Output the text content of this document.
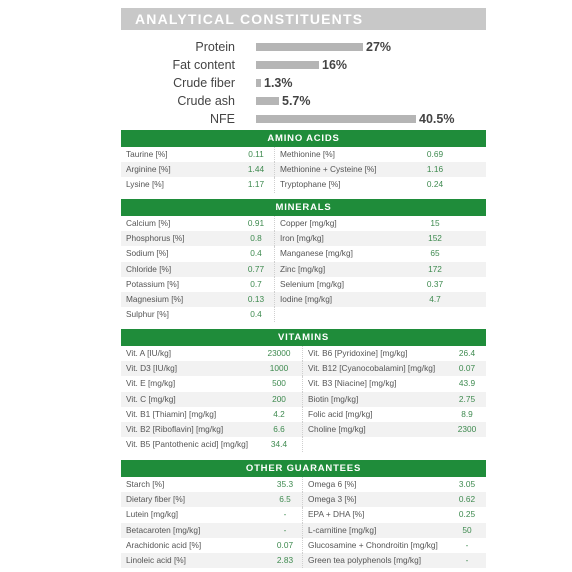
ANALYTICAL CONSTITUENTS
Protein	27%
Fat content	16%
Crude fiber 1.3%
Crude ash	5.7%
NFE	40.5%
AMINO ACIDS
Taurine [%]	0.11	Methionine [%]	0.69
Arginine [%]	1.44	Methionine + Cysteine [%]	1.16
Lysine [%]	1.17	Tryptophane [%]	0.24
MINERALS
Calcium [%]	0.91	Copper [mg/kg]	15
Phosphorus [%]	0.8	Iron [mg/kg]	152
Sodium [%]	0.4	Manganese [mg/kg]	65
Chloride [%]	0.77	Zinc [mg/kg]	172
Potassium [%]	0.7	Selenium [mg/kg]	0.37
Magnesium [%]	0.13	Iodine [mg/kg]	4.7
Sulphur [%]	0.4
VITAMINS
Vit. A [IU/kg]	23000	Vit. B6 [Pyridoxine] [mg/kg]	26.4
Vit. D3 [IU/kg]	1000	Vit. B12 [Cyanocobalamin] [mg/kg]	0.07
Vit. E [mg/kg]	500	Vit. B3 [Niacine] [mg/kg]	43.9
Vit. C [mg/kg]	200	Biotin [mg/kg]	2.75
Vit. B1 [Thiamin] [mg/kg]	4.2	Folic acid [mg/kg]	8.9
Vit. B2 [Riboflavin] [mg/kg]	6.6	Choline [mg/kg]	2300
Vit. B5 [Pantothenic acid] [mg/kg]	34.4
OTHER GUARANTEES
Starch [%]	35.3	Omega 6 [%]	3.05
Dietary fiber [%]	6.5	Omega 3 [%]	0.62
Lutein [mg/kg]	-	EPA + DHA [%]	0.25
Betacaroten [mg/kg]	-	L-carnitine [mg/kg]	50
Arachidonic acid [%]	0.07	Glucosamine + Chondroitin [mg/kg]	-
Linoleic acid [%]	2.83	Green tea polyphenols [mg/kg]	-
